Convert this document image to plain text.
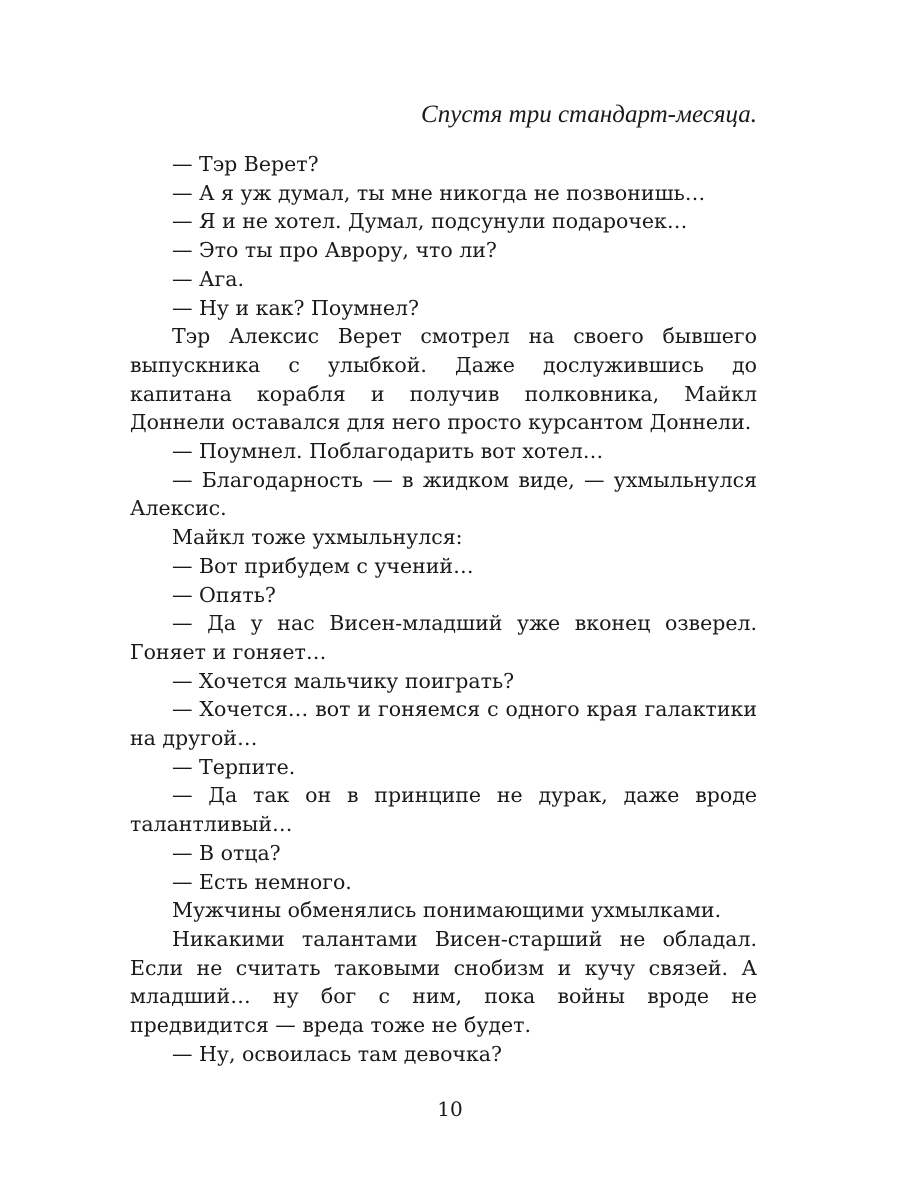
Спустя три стандарт-месяца.

— Тэр Верет?

— А я уж думал, ты мне никогда не позвонишь…

— Я и не хотел. Думал, подсунули подарочек…

— Это ты про Аврору, что ли?

— Ага.

— Ну и как? Поумнел?

Тэр Алексис Верет смотрел на своего бывшего выпускника с улыбкой. Даже дослужившись до капитана корабля и получив полковника, Майкл Доннели оставался для него просто курсантом Доннели.

— Поумнел. Поблагодарить вот хотел…

— Благодарность — в жидком виде, — ухмыльнулся Алексис.

Майкл тоже ухмыльнулся:

— Вот прибудем с учений…

— Опять?

— Да у нас Висен-младший уже вконец озверел. Гоняет и гоняет…

— Хочется мальчику поиграть?

— Хочется… вот и гоняемся с одного края галактики на другой…

— Терпите.

— Да так он в принципе не дурак, даже вроде талантливый…

— В отца?

— Есть немного.

Мужчины обменялись понимающими ухмылками.

Никакими талантами Висен-старший не обладал. Если не считать таковыми снобизм и кучу связей. А младший… ну бог с ним, пока войны вроде не предвидится — вреда тоже не будет.

— Ну, освоилась там девочка?

10
